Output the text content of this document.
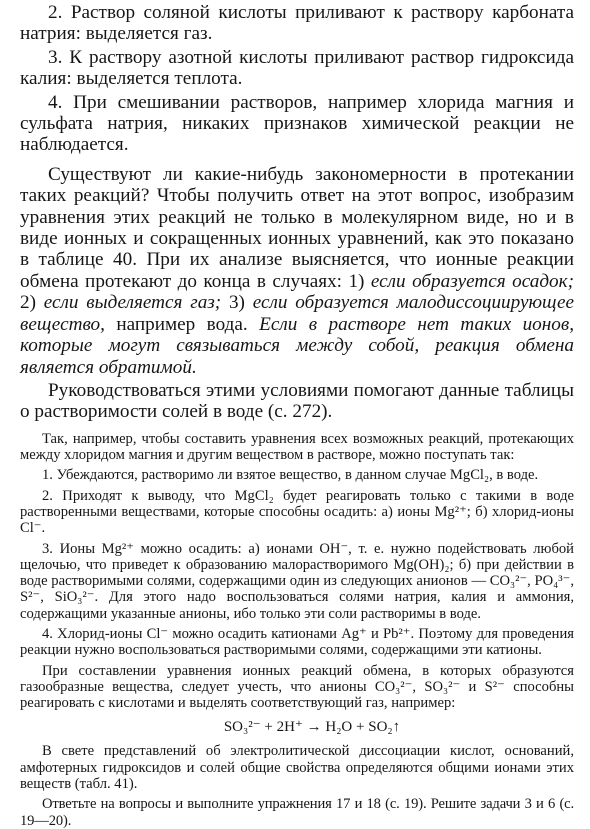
2. Раствор соляной кислоты приливают к раствору карбоната натрия: выделяется газ.

3. К раствору азотной кислоты приливают раствор гидроксида калия: выделяется теплота.

4. При смешивании растворов, например хлорида магния и сульфата натрия, никаких признаков химической реакции не наблюдается.

Существуют ли какие-нибудь закономерности в протекании таких реакций? Чтобы получить ответ на этот вопрос, изобразим уравнения этих реакций не только в молекулярном виде, но и в виде ионных и сокращенных ионных уравнений, как это показано в таблице 40. При их анализе выясняется, что ионные реакции обмена протекают до конца в случаях: 1) если образуется осадок; 2) если выделяется газ; 3) если образуется малодиссоциирующее вещество, например вода. Если в растворе нет таких ионов, которые могут связываться между собой, реакция обмена является обратимой.

Руководствоваться этими условиями помогают данные таблицы о растворимости солей в воде (с. 272).

Так, например, чтобы составить уравнения всех возможных реакций, протекающих между хлоридом магния и другим веществом в растворе, можно поступать так:

1. Убеждаются, растворимо ли взятое вещество, в данном случае MgCl₂, в воде.

2. Приходят к выводу, что MgCl₂ будет реагировать только с такими в воде растворенными веществами, которые способны осадить: а) ионы Mg²⁺; б) хлорид-ионы Cl⁻.

3. Ионы Mg²⁺ можно осадить: а) ионами OH⁻, т. е. нужно подействовать любой щелочью, что приведет к образованию малорастворимого Mg(OH)₂; б) при действии в воде растворимыми солями, содержащими один из следующих анионов — CO₃²⁻, PO₄³⁻, S²⁻, SiO₃²⁻. Для этого надо воспользоваться солями натрия, калия и аммония, содержащими указанные анионы, ибо только эти соли растворимы в воде.

4. Хлорид-ионы Cl⁻ можно осадить катионами Ag⁺ и Pb²⁺. Поэтому для проведения реакции нужно воспользоваться растворимыми солями, содержащими эти катионы.

При составлении уравнения ионных реакций обмена, в которых образуются газообразные вещества, следует учесть, что анионы CO₃²⁻, SO₃²⁻ и S²⁻ способны реагировать с кислотами и выделять соответствующий газ, например:

SO₃²⁻ + 2H⁺ → H₂O + SO₂↑

В свете представлений об электролитической диссоциации кислот, оснований, амфотерных гидроксидов и солей общие свойства определяются общими ионами этих веществ (табл. 41).

Ответьте на вопросы и выполните упражнения 17 и 18 (с. 19). Решите задачи 3 и 6 (с. 19—20).
